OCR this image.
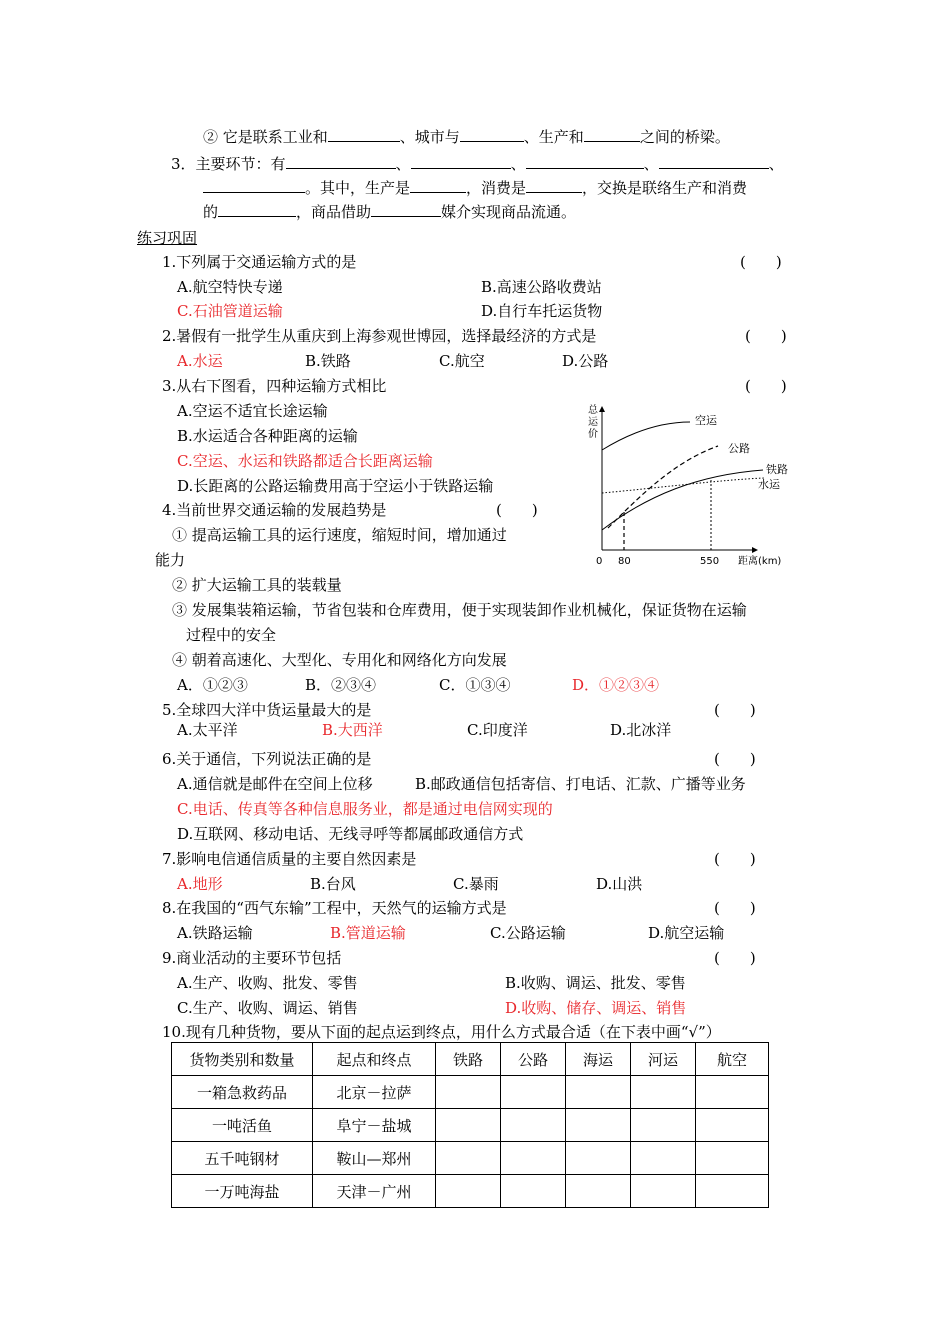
② 它是联系工业和	、城市与	、生产和	之间的桥梁。
3．主要环节：有	、	、	、	、
。其中，生产是	，消费是	，交换是联络生产和消费
的	，商品借助	媒介实现商品流通。
练习巩固
1.下列属于交通运输方式的是	(　　)
A.航空特快专递	B.高速公路收费站
C.石油管道运输	D.自行车托运货物
2.暑假有一批学生从重庆到上海参观世博园，选择最经济的方式是	(　　)
A.水运	B.铁路	C.航空	D.公路
3.从右下图看，四种运输方式相比	(　　)
A.空运不适宜长途运输
B.水运适合各种距离的运输
C.空运、水运和铁路都适合长距离运输
D.长距离的公路运输费用高于空运小于铁路运输
总
运
价
空运
公路
铁路
水运
0 80	550 距离(km)
4.当前世界交通运输的发展趋势是	(　　)
① 提高运输工具的运行速度，缩短时间，增加通过
能力
② 扩大运输工具的装载量
③ 发展集装箱运输，节省包装和仓库费用，便于实现装卸作业机械化，保证货物在运输
过程中的安全
④ 朝着高速化、大型化、专用化和网络化方向发展
A．①②③	B．②③④	C．①③④	D．①②③④
5.全球四大洋中货运量最大的是	(　　)
A.太平洋	B.大西洋	C.印度洋	D.北冰洋
6.关于通信，下列说法正确的是	(　　)
A.通信就是邮件在空间上位移	B.邮政通信包括寄信、打电话、汇款、广播等业务
C.电话、传真等各种信息服务业，都是通过电信网实现的
D.互联网、移动电话、无线寻呼等都属邮政通信方式
7.影响电信通信质量的主要自然因素是	(　　)
A.地形	B.台风	C.暴雨	D.山洪
8.在我国的“西气东输”工程中，天然气的运输方式是	(　　)
A.铁路运输	B.管道运输	C.公路运输	D.航空运输
9.商业活动的主要环节包括	(　　)
A.生产、收购、批发、零售	B.收购、调运、批发、零售
C.生产、收购、调运、销售	D.收购、储存、调运、销售
10.现有几种货物，要从下面的起点运到终点，用什么方式最合适（在下表中画“√”）
货物类别和数量	起点和终点	铁路	公路	海运	河运	航空
一箱急救药品	北京－拉萨					
一吨活鱼	阜宁－盐城					
五千吨钢材	鞍山—郑州					
一万吨海盐	天津－广州					
